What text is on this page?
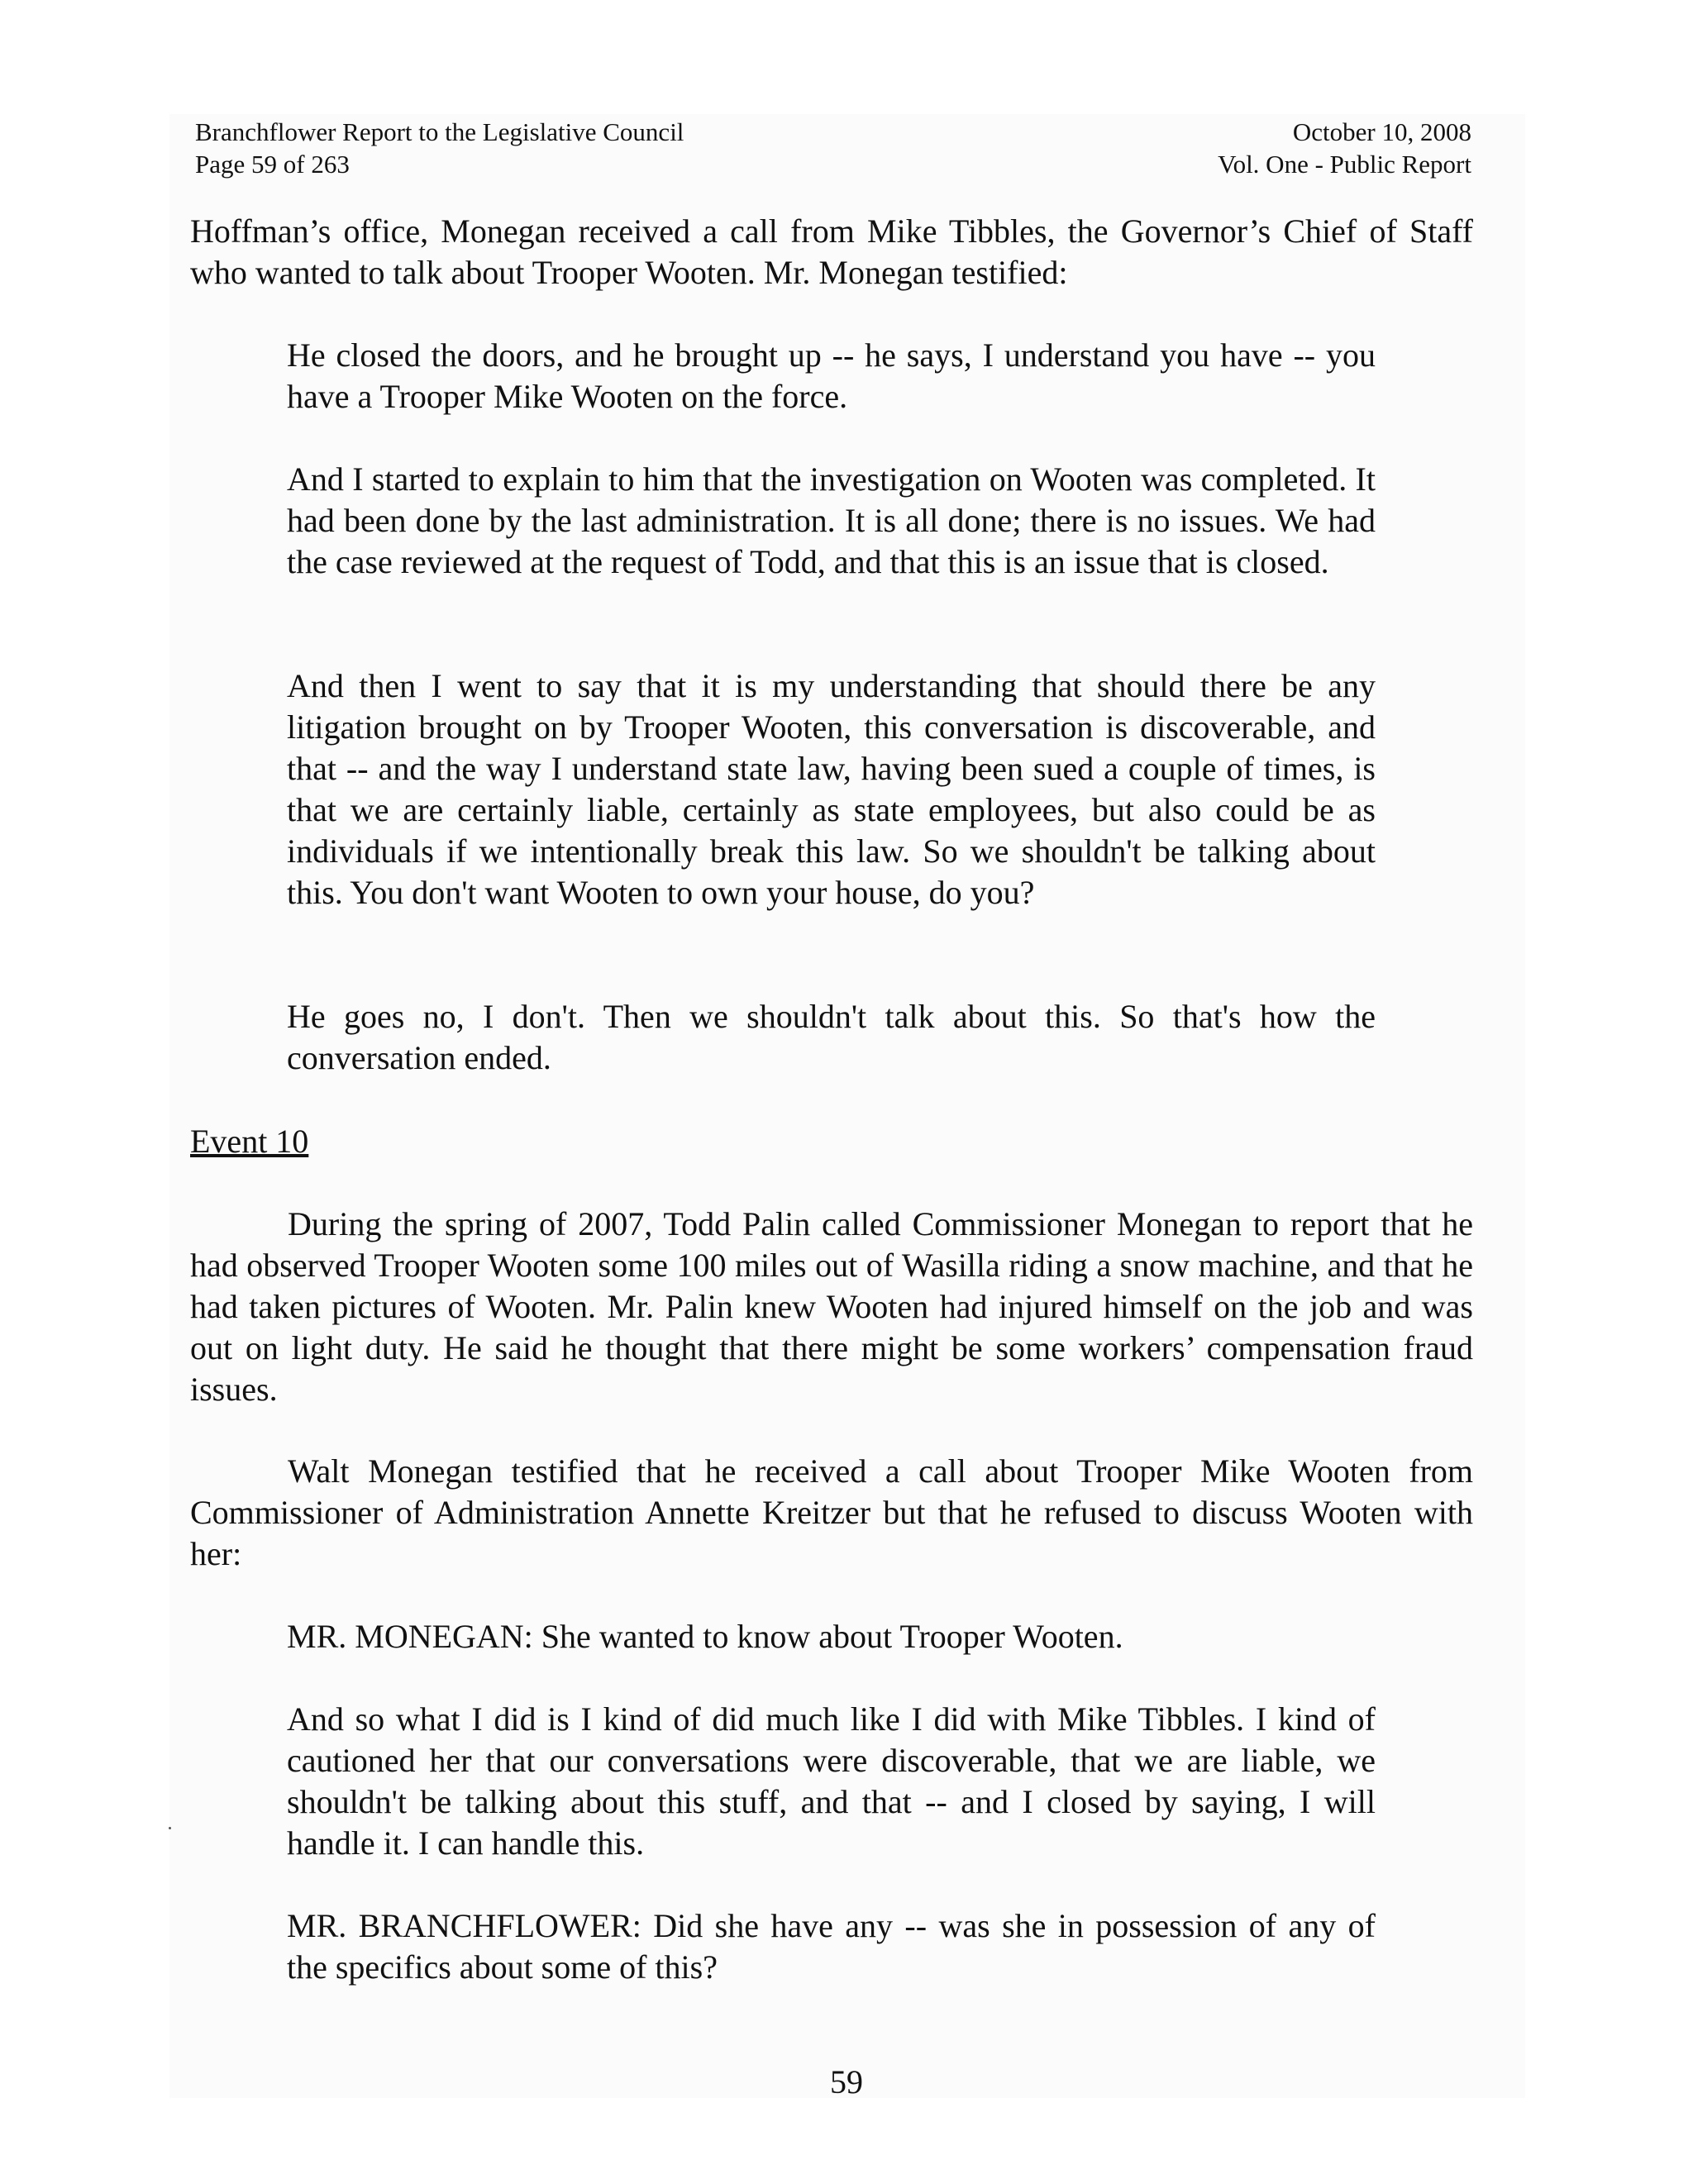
Branchflower Report to the Legislative Council
Page 59 of 263
October 10, 2008
Vol. One - Public Report
Hoffman’s office, Monegan received a call from Mike Tibbles, the Governor’s Chief of Staff who wanted to talk about Trooper Wooten. Mr. Monegan testified:
He closed the doors, and he brought up -- he says, I understand you have -- you have a Trooper Mike Wooten on the force.
And I started to explain to him that the investigation on Wooten was completed. It had been done by the last administration. It is all done; there is no issues. We had the case reviewed at the request of Todd, and that this is an issue that is closed.
And then I went to say that it is my understanding that should there be any litigation brought on by Trooper Wooten, this conversation is discoverable, and that -- and the way I understand state law, having been sued a couple of times, is that we are certainly liable, certainly as state employees, but also could be as individuals if we intentionally break this law. So we shouldn't be talking about this. You don't want Wooten to own your house, do you?
He goes no, I don't. Then we shouldn't talk about this. So that's how the conversation ended.
Event 10
During the spring of 2007, Todd Palin called Commissioner Monegan to report that he had observed Trooper Wooten some 100 miles out of Wasilla riding a snow machine, and that he had taken pictures of Wooten. Mr. Palin knew Wooten had injured himself on the job and was out on light duty. He said he thought that there might be some workers’ compensation fraud issues.
Walt Monegan testified that he received a call about Trooper Mike Wooten from Commissioner of Administration Annette Kreitzer but that he refused to discuss Wooten with her:
MR. MONEGAN: She wanted to know about Trooper Wooten.
And so what I did is I kind of did much like I did with Mike Tibbles. I kind of cautioned her that our conversations were discoverable, that we are liable, we shouldn't be talking about this stuff, and that -- and I closed by saying, I will handle it. I can handle this.
MR. BRANCHFLOWER: Did she have any -- was she in possession of any of the specifics about some of this?
59
